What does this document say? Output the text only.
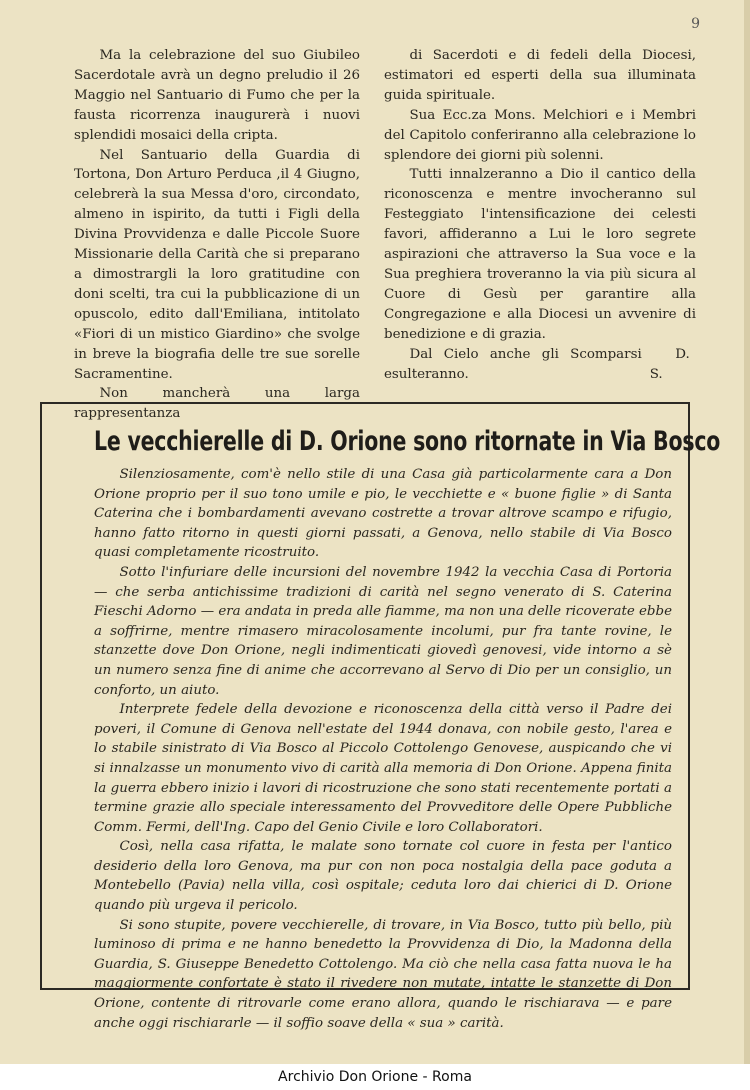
9

Ma la celebrazione del suo Giubileo Sacerdotale avrà un degno preludio il 26 Maggio nel Santuario di Fumo che per la fausta ricorrenza inaugurerà i nuovi splendidi mosaici della cripta.

Nel Santuario della Guardia di Tortona, Don Arturo Perduca ,il 4 Giugno, celebrerà la sua Messa d'oro, circondato, almeno in ispirito, da tutti i Figli della Divina Provvidenza e dalle Piccole Suore Missionarie della Carità che si preparano a dimostrargli la loro gratitudine con doni scelti, tra cui la pubblicazione di un opuscolo, edito dall'Emiliana, intitolato «Fiori di un mistico Giardino» che svolge in breve la biografia delle tre sue sorelle Sacramentine.

Non mancherà una larga rappresentanza

di Sacerdoti e di fedeli della Diocesi, estimatori ed esperti della sua illuminata guida spirituale.

Sua Ecc.za Mons. Melchiori e i Membri del Capitolo conferiranno alla celebrazione lo splendore dei giorni più solenni.

Tutti innalzeranno a Dio il cantico della riconoscenza e mentre invocheranno sul Festeggiato l'intensificazione dei celesti favori, affideranno a Lui le loro segrete aspirazioni che attraverso la Sua voce e la Sua preghiera troveranno la via più sicura al Cuore di Gesù per garantire alla Congregazione e alla Diocesi un avvenire di benedizione e di grazia.

Dal Cielo anche gli Scomparsi esulteranno.
D. S.

Le vecchierelle di D. Orione sono ritornate in Via Bosco

Silenziosamente, com'è nello stile di una Casa già particolarmente cara a Don Orione proprio per il suo tono umile e pio, le vecchiette e « buone figlie » di Santa Caterina che i bombardamenti avevano costrette a trovar altrove scampo e rifugio, hanno fatto ritorno in questi giorni passati, a Genova, nello stabile di Via Bosco quasi completamente ricostruito.

Sotto l'infuriare delle incursioni del novembre 1942 la vecchia Casa di Portoria — che serba antichissime tradizioni di carità nel segno venerato di S. Caterina Fieschi Adorno — era andata in preda alle fiamme, ma non una delle ricoverate ebbe a soffrirne, mentre rimasero miracolosamente incolumi, pur fra tante rovine, le stanzette dove Don Orione, negli indimenticati giovedì genovesi, vide intorno a sè un numero senza fine di anime che accorrevano al Servo di Dio per un consiglio, un conforto, un aiuto.

Interprete fedele della devozione e riconoscenza della città verso il Padre dei poveri, il Comune di Genova nell'estate del 1944 donava, con nobile gesto, l'area e lo stabile sinistrato di Via Bosco al Piccolo Cottolengo Genovese, auspicando che vi si innalzasse un monumento vivo di carità alla memoria di Don Orione. Appena finita la guerra ebbero inizio i lavori di ricostruzione che sono stati recentemente portati a termine grazie allo speciale interessamento del Provveditore delle Opere Pubbliche Comm. Fermi, dell'Ing. Capo del Genio Civile e loro Collaboratori.

Così, nella casa rifatta, le malate sono tornate col cuore in festa per l'antico desiderio della loro Genova, ma pur con non poca nostalgia della pace goduta a Montebello (Pavia) nella villa, così ospitale; ceduta loro dai chierici di D. Orione quando più urgeva il pericolo.

Si sono stupite, povere vecchierelle, di trovare, in Via Bosco, tutto più bello, più luminoso di prima e ne hanno benedetto la Provvidenza di Dio, la Madonna della Guardia, S. Giuseppe Benedetto Cottolengo. Ma ciò che nella casa fatta nuova le ha maggiormente confortate è stato il rivedere non mutate, intatte le stanzette di Don Orione, contente di ritrovarle come erano allora, quando le rischiarava — e pare anche oggi rischiararle — il soffio soave della « sua » carità.

Archivio Don Orione - Roma
